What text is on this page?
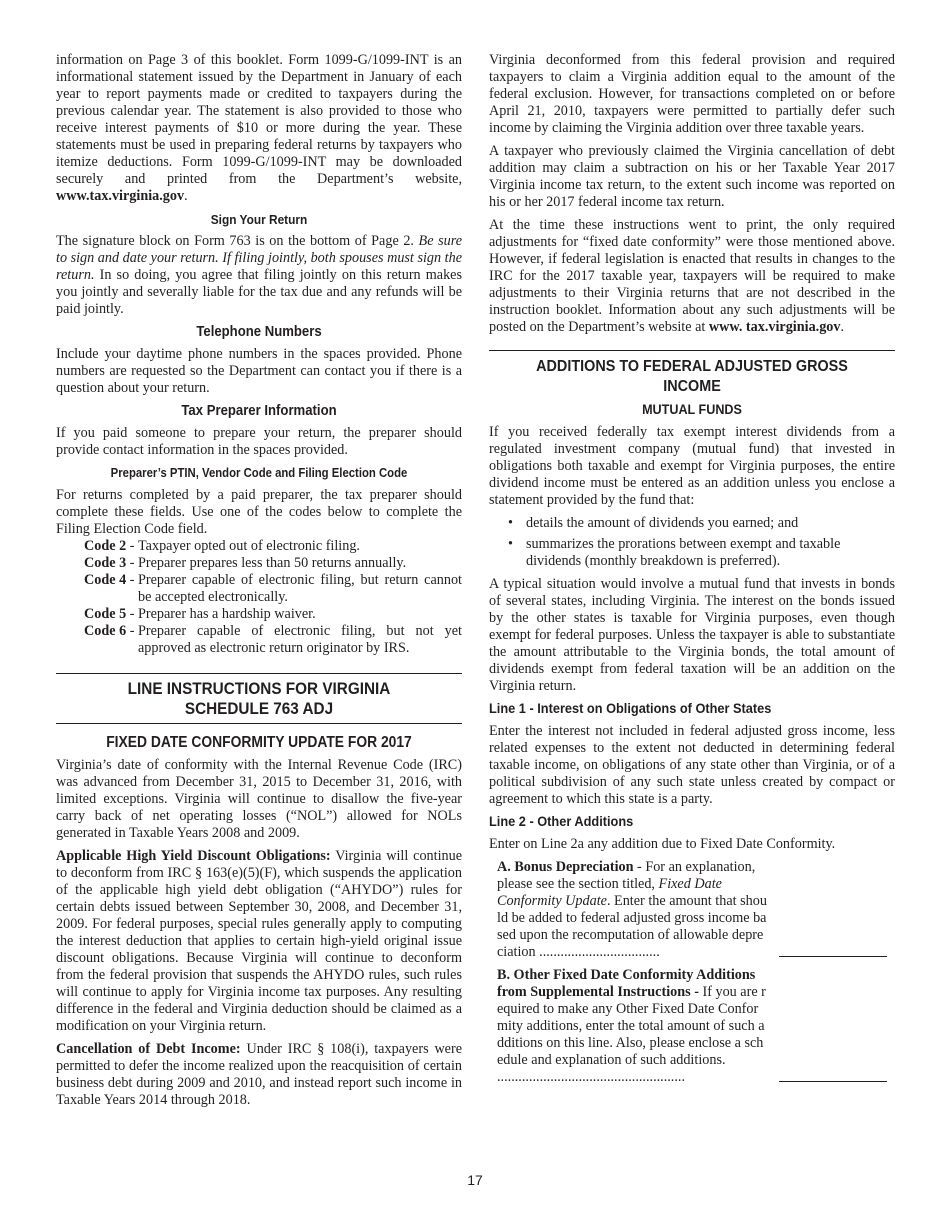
information on Page 3 of this booklet. Form 1099-G/1099-INT is an informational statement issued by the Department in January of each year to report payments made or credited to taxpayers during the previous calendar year. The statement is also provided to those who receive interest payments of $10 or more during the year. These statements must be used in preparing federal returns by taxpayers who itemize deductions. Form 1099-G/1099-INT may be downloaded securely and printed from the Department’s website, www.tax.virginia.gov.

Sign Your Return

The signature block on Form 763 is on the bottom of Page 2. Be sure to sign and date your return. If filing jointly, both spouses must sign the return. In so doing, you agree that filing jointly on this return makes you jointly and severally liable for the tax due and any refunds will be paid jointly.

Telephone Numbers

Include your daytime phone numbers in the spaces provided. Phone numbers are requested so the Department can contact you if there is a question about your return.

Tax Preparer Information

If you paid someone to prepare your return, the preparer should provide contact information in the spaces provided.

Preparer’s PTIN, Vendor Code and Filing Election Code

For returns completed by a paid preparer, the tax preparer should complete these fields. Use one of the codes below to complete the Filing Election Code field.

Code 2 - Taxpayer opted out of electronic filing.
Code 3 - Preparer prepares less than 50 returns annually.
Code 4 - Preparer capable of electronic filing, but return cannot be accepted electronically.
Code 5 - Preparer has a hardship waiver.
Code 6 - Preparer capable of electronic filing, but not yet approved as electronic return originator by IRS.
LINE INSTRUCTIONS FOR VIRGINIA
SCHEDULE 763 ADJ
FIXED DATE CONFORMITY UPDATE FOR 2017

Virginia’s date of conformity with the Internal Revenue Code (IRC) was advanced from December 31, 2015 to December 31, 2016, with limited exceptions. Virginia will continue to disallow the five-year carry back of net operating losses (“NOL”) allowed for NOLs generated in Taxable Years 2008 and 2009.

Applicable High Yield Discount Obligations: Virginia will continue to deconform from IRC § 163(e)(5)(F), which suspends the application of the applicable high yield debt obligation (“AHYDO”) rules for certain debts issued between September 30, 2008, and December 31, 2009. For federal purposes, special rules generally apply to computing the interest deduction that applies to certain high-yield original issue discount obligations. Because Virginia will continue to deconform from the federal provision that suspends the AHYDO rules, such rules will continue to apply for Virginia income tax purposes. Any resulting difference in the federal and Virginia deduction should be claimed as a modification on your Virginia return.

Cancellation of Debt Income: Under IRC § 108(i), taxpayers were permitted to defer the income realized upon the reacquisition of certain business debt during 2009 and 2010, and instead report such income in Taxable Years 2014 through 2018.

Virginia deconformed from this federal provision and required taxpayers to claim a Virginia addition equal to the amount of the federal exclusion. However, for transactions completed on or before April 21, 2010, taxpayers were permitted to partially defer such income by claiming the Virginia addition over three taxable years.

A taxpayer who previously claimed the Virginia cancellation of debt addition may claim a subtraction on his or her Taxable Year 2017 Virginia income tax return, to the extent such income was reported on his or her 2017 federal income tax return.

At the time these instructions went to print, the only required adjustments for “fixed date conformity” were those mentioned above. However, if federal legislation is enacted that results in changes to the IRC for the 2017 taxable year, taxpayers will be required to make adjustments to their Virginia returns that are not described in the instruction booklet. Information about any such adjustments will be posted on the Department’s website at www. tax.virginia.gov.

ADDITIONS TO FEDERAL ADJUSTED GROSS INCOME
MUTUAL FUNDS

If you received federally tax exempt interest dividends from a regulated investment company (mutual fund) that invested in obligations both taxable and exempt for Virginia purposes, the entire dividend income must be entered as an addition unless you enclose a statement provided by the fund that:

• details the amount of dividends you earned; and
• summarizes the prorations between exempt and taxable dividends (monthly breakdown is preferred).

A typical situation would involve a mutual fund that invests in bonds of several states, including Virginia. The interest on the bonds issued by the other states is taxable for Virginia purposes, even though exempt for federal purposes. Unless the taxpayer is able to substantiate the amount attributable to the Virginia bonds, the total amount of dividends exempt from federal taxation will be an addition on the Virginia return.

Line 1 - Interest on Obligations of Other States

Enter the interest not included in federal adjusted gross income, less related expenses to the extent not deducted in determining federal taxable income, on obligations of any state other than Virginia, or of a political subdivision of any such state unless created by compact or agreement to which this state is a party.

Line 2 - Other Additions

Enter on Line 2a any addition due to Fixed Date Conformity.

A. Bonus Depreciation - For an explanation, please see the section titled, Fixed Date Conformity Update. Enter the amount that should be added to federal adjusted gross income based upon the recomputation of allowable depreciation ..................................
B. Other Fixed Date Conformity Additions from Supplemental Instructions - If you are required to make any Other Fixed Date Conformity additions, enter the total amount of such additions on this line. Also, please enclose a schedule and explanation of such additions. .....................................................
17
